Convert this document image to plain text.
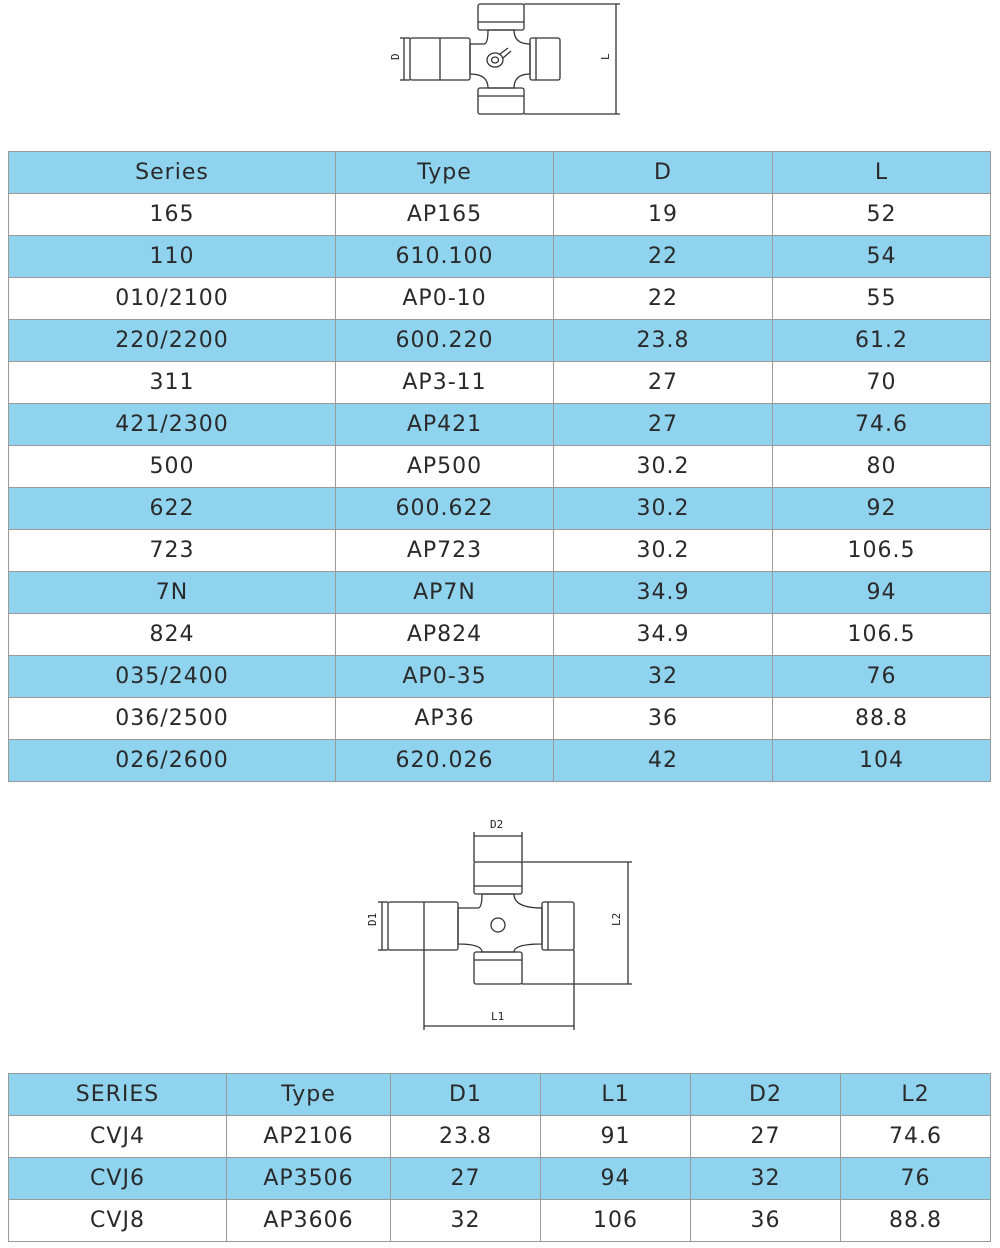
D	L
Series	Type	D	L
165	AP165	19	52
110	610.100	22	54
010/2100	AP0-10	22	55
220/2200	600.220	23.8	61.2
311	AP3-11	27	70
421/2300	AP421	27	74.6
500	AP500	30.2	80
622	600.622	30.2	92
723	AP723	30.2	106.5
7N	AP7N	34.9	94
824	AP824	34.9	106.5
035/2400	AP0-35	32	76
036/2500	AP36	36	88.8
026/2600	620.026	42	104
D2
D1	L2
L1
SERIES	Type	D1	L1	D2	L2
CVJ4	AP2106	23.8	91	27	74.6
CVJ6	AP3506	27	94	32	76
CVJ8	AP3606	32	106	36	88.8
